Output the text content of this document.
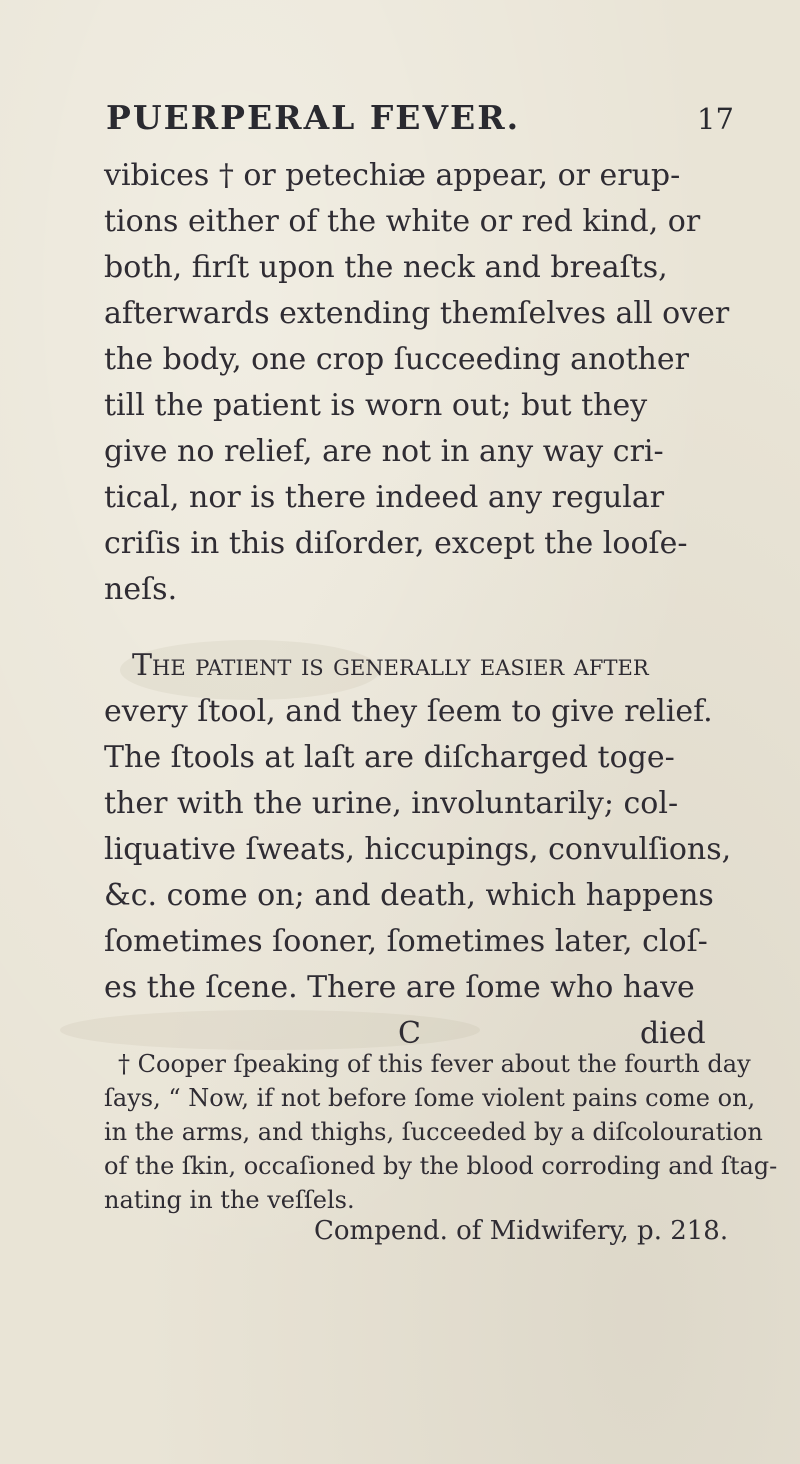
PUERPERAL FEVER.	17
vibices † or petechiæ appear, or erup-
tions either of the white or red kind, or
both, firſt upon the neck and breaſts,
afterwards extending themſelves all over
the body, one crop ſucceeding another
till the patient is worn out; but they
give no relief, are not in any way cri-
tical, nor is there indeed any regular
criſis in this diſorder, except the looſe-
neſs.
The patient is generally eaſier after
every ſtool, and they ſeem to give relief.
The ſtools at laſt are diſcharged toge-
ther with the urine, involuntarily; col-
liquative ſweats, hiccupings, convulſions,
&c. come on; and death, which happens
ſometimes ſooner, ſometimes later, cloſ-
es the ſcene. There are ſome who have
C	died
† Cooper ſpeaking of this fever about the fourth day
ſays, “ Now, if not before ſome violent pains come on,
in the arms, and thighs, ſucceeded by a diſcolouration
of the ſkin, occaſioned by the blood corroding and ſtag-
nating in the veſſels.
Compend. of Midwifery, p. 218.
